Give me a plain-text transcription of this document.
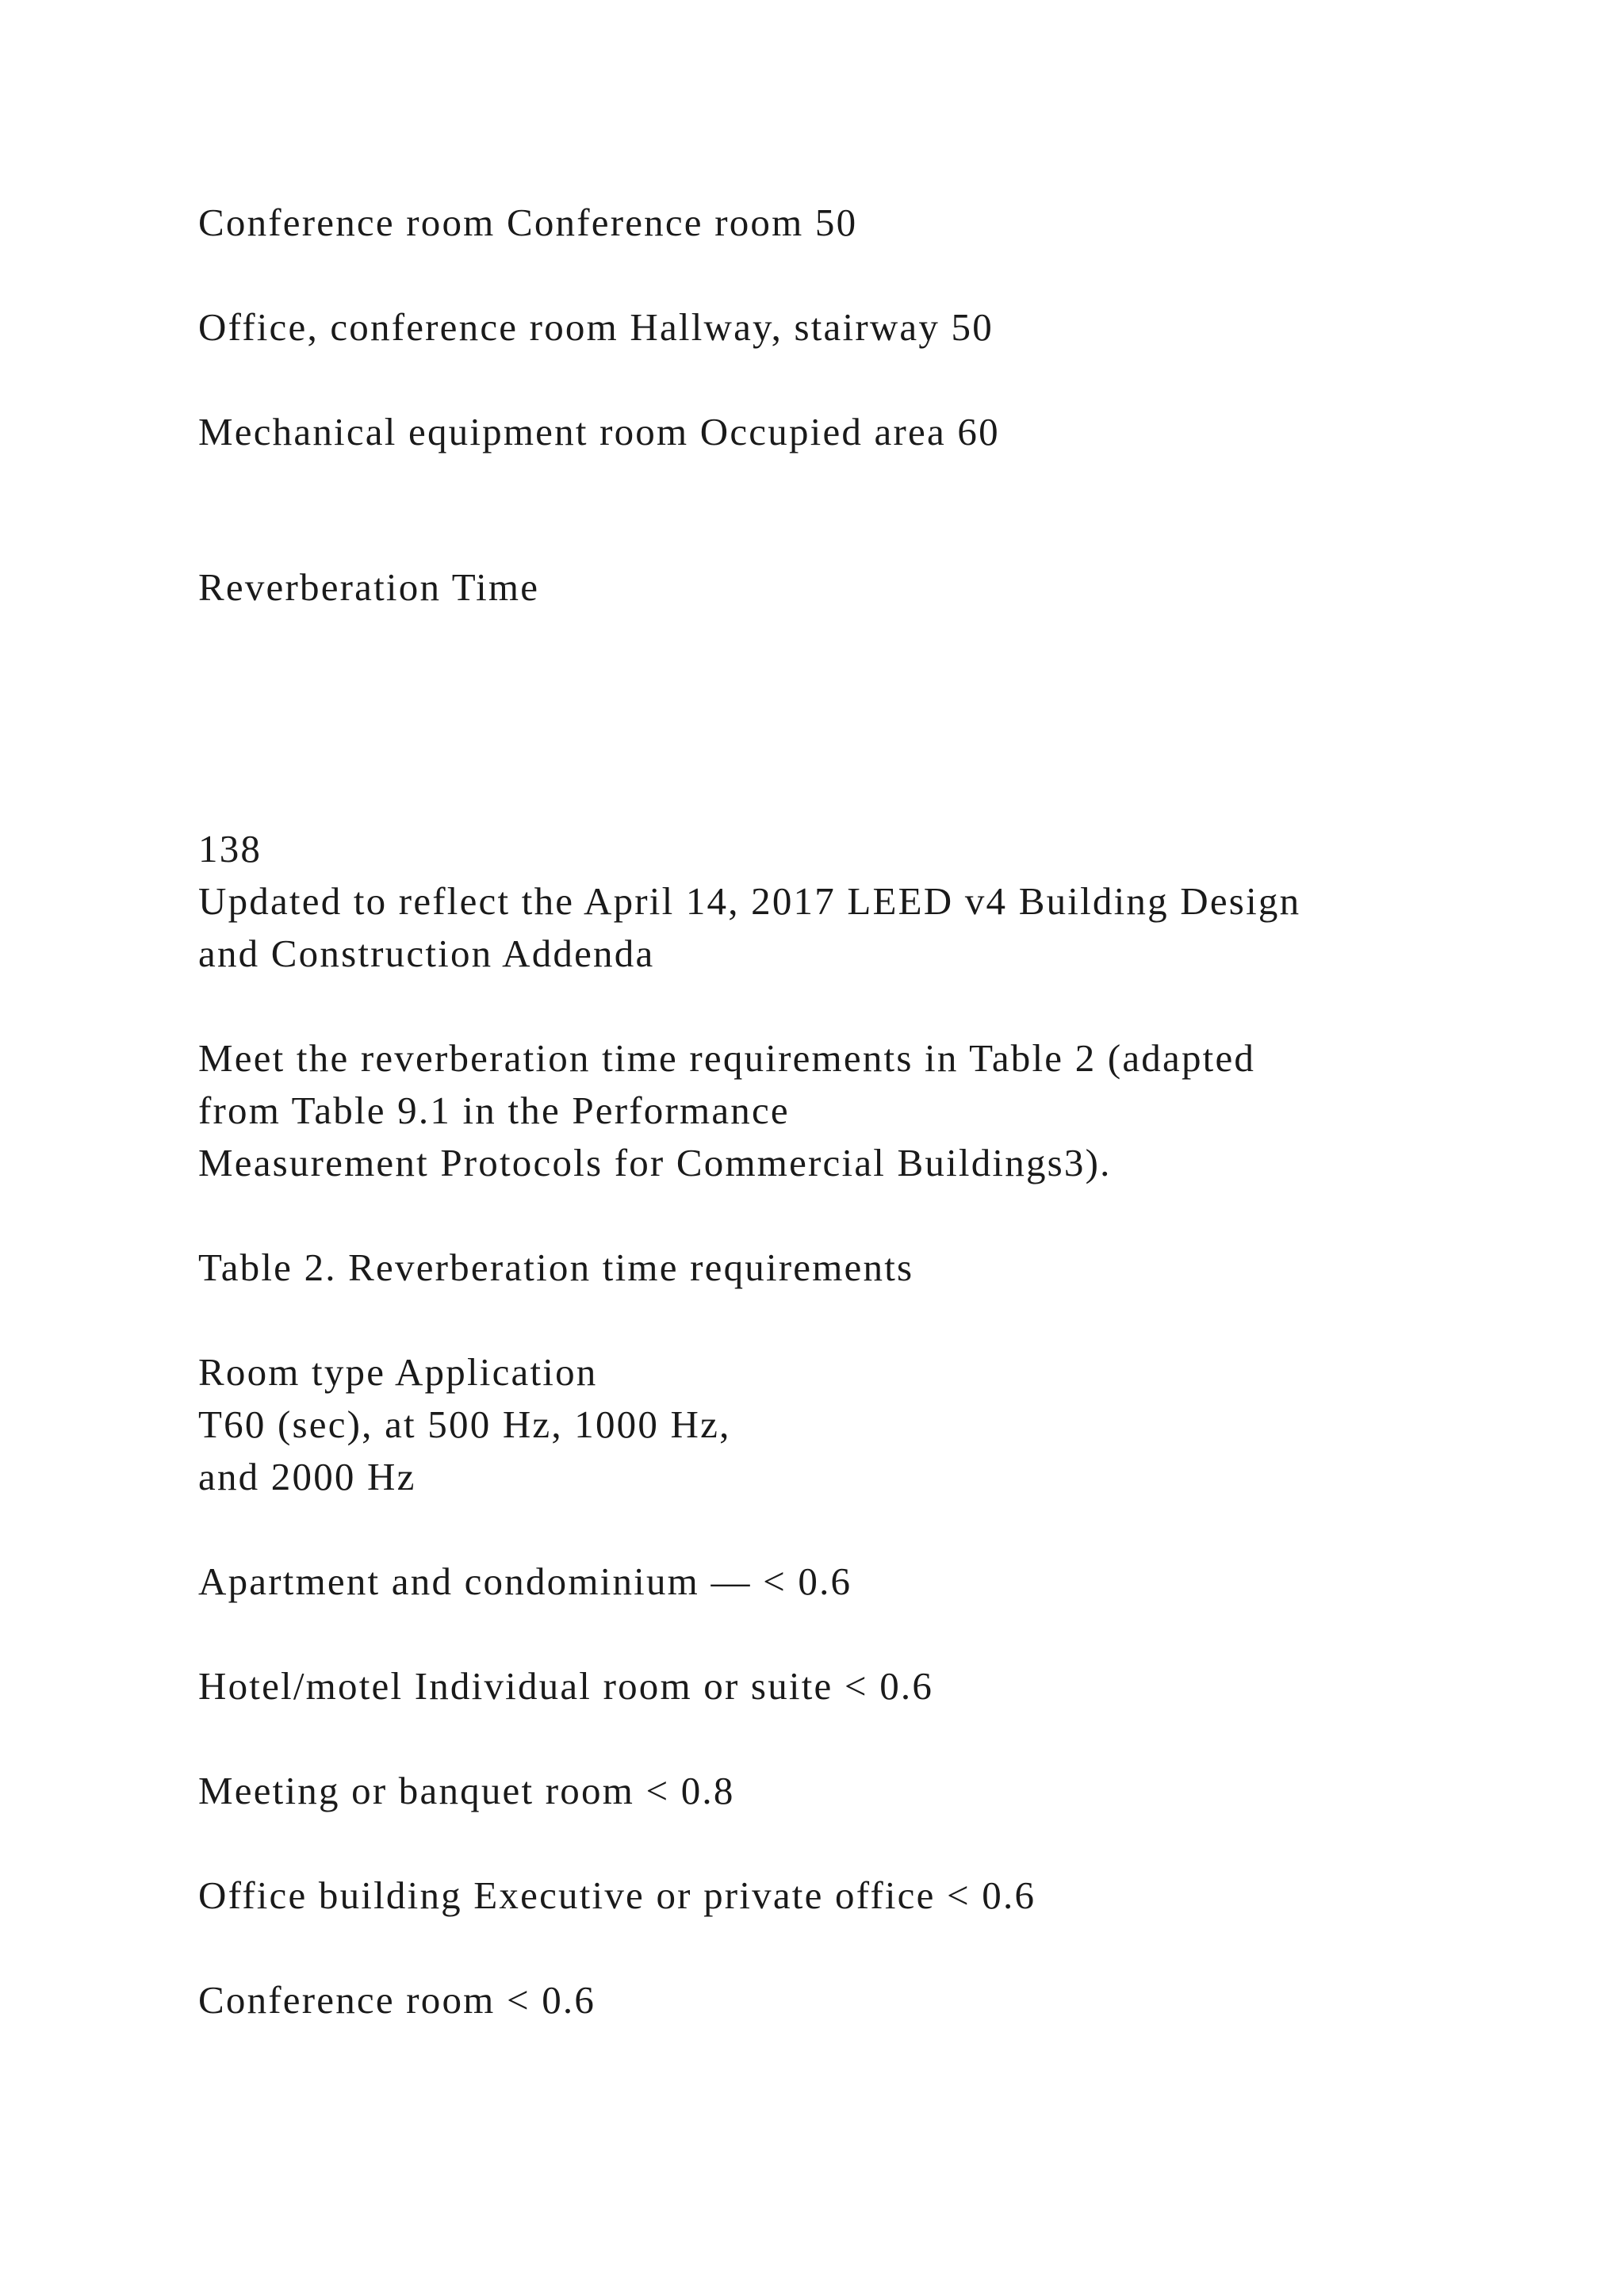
Conference room Conference room 50
Office, conference room Hallway, stairway 50
Mechanical equipment room Occupied area 60
Reverberation Time
138
Updated to reflect the April 14, 2017 LEED v4 Building Design
and Construction Addenda
Meet the reverberation time requirements in Table 2 (adapted
from Table 9.1 in the Performance
Measurement Protocols for Commercial Buildings3).
Table 2. Reverberation time requirements
Room type Application
T60 (sec), at 500 Hz, 1000 Hz,
and 2000 Hz
Apartment and condominium — < 0.6
Hotel/motel Individual room or suite < 0.6
Meeting or banquet room < 0.8
Office building Executive or private office < 0.6
Conference room < 0.6
